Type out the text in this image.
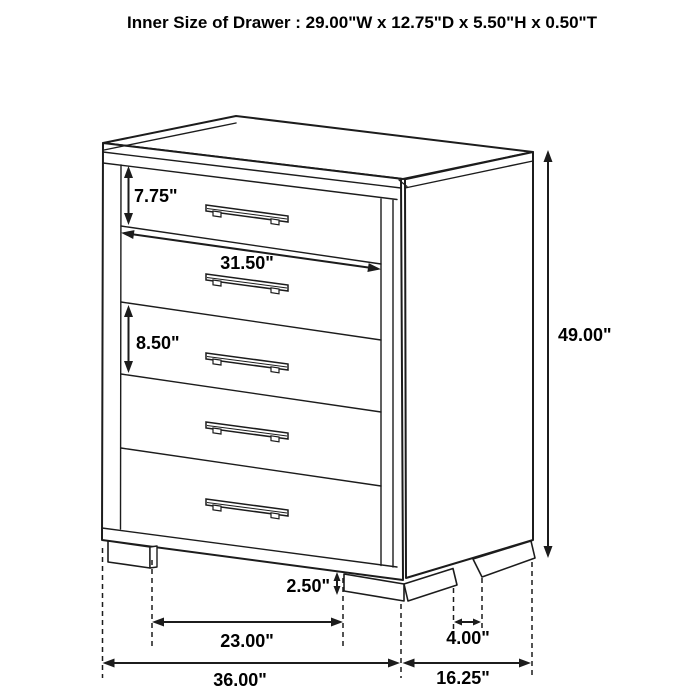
Inner Size of Drawer : 29.00"W x 12.75"D x 5.50"H x 0.50"T
7.75"
31.50"
8.50"	49.00"
2.50"
23.00"	4.00"
36.00"	16.25"
